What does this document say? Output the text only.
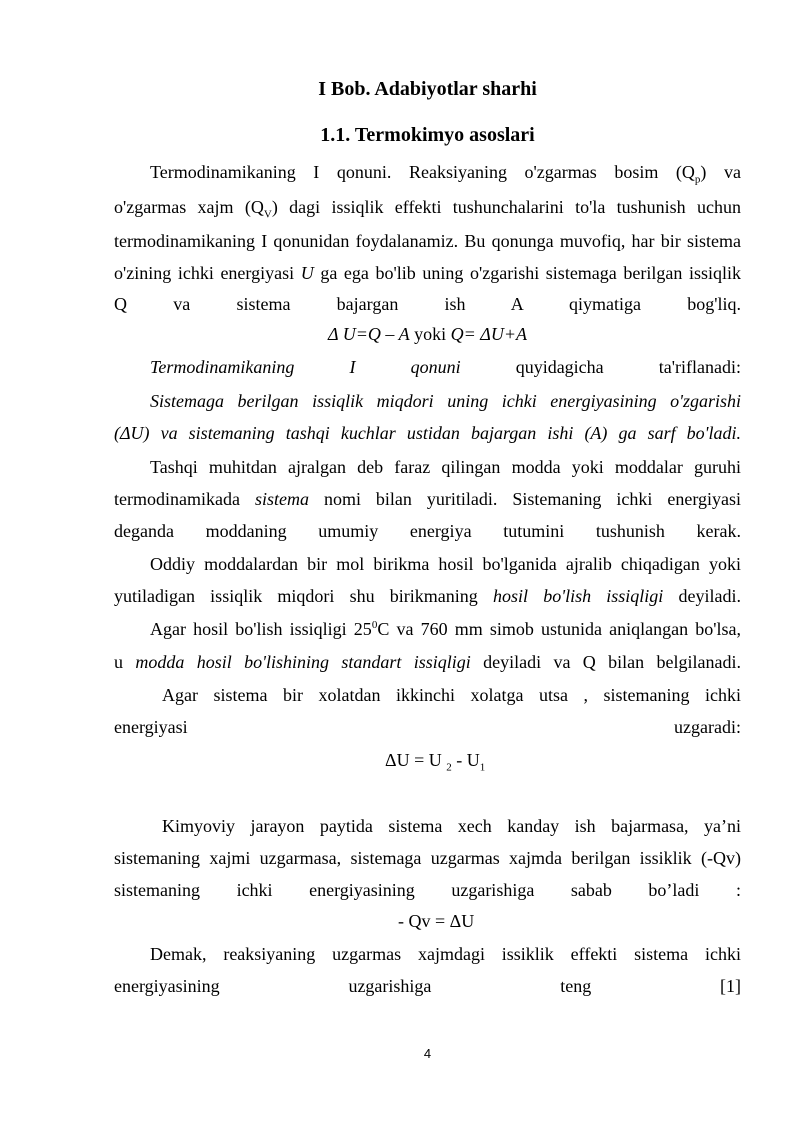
I Bob. Adabiyotlar sharhi
1.1. Termokimyo asoslari
Termodinamikaning I qonuni. Reaksiyaning o'zgarmas bosim $(Q_p)$ va
o'zgarmas xajm $(Q_V)$ dagi issiqlik effekti tushunchalarini to'la tushunish uchun
termodinamikaning I qonunidan foydalanamiz. Bu qonunga muvofiq, har bir sistema
o'zining ichki energiyasi U ga ega bo'lib uning o'zgarishi sistemaga berilgan issiqlik
Q va sistema bajargan ish A qiymatiga bog'liq.
Δ U=Q – A yoki Q= ΔU+A
Termodinamikaning I qonuni quyidagicha ta'riflanadi:
Sistemaga berilgan issiqlik miqdori uning ichki energiyasining o'zgarishi
(ΔU) va sistemaning tashqi kuchlar ustidan bajargan ishi (A) ga sarf bo'ladi.
Tashqi muhitdan ajralgan deb faraz qilingan modda yoki moddalar guruhi
termodinamikada sistema nomi bilan yuritiladi. Sistemaning ichki energiyasi
deganda moddaning umumiy energiya tutumini tushunish kerak.
Oddiy moddalardan bir mol birikma hosil bo'lganida ajralib chiqadigan yoki
yutiladigan issiqlik miqdori shu birikmaning hosil bo'lish issiqligi deyiladi.
Agar hosil bo'lish issiqligi $25^0C$ va 760 mm simob ustunida aniqlangan bo'lsa,
u modda hosil bo'lishining standart issiqligi deyiladi va Q bilan belgilanadi.
Agar sistema bir xolatdan ikkinchi xolatga utsa , sistemaning ichki
energiyasi uzgaradi:
ΔU = U $_2 - U_1$
Kimyoviy jarayon paytida sistema xech kanday ish bajarmasa, ya’ni
sistemaning xajmi uzgarmasa, sistemaga uzgarmas xajmda berilgan issiklik (-Qv)
sistemaning ichki energiyasining uzgarishiga sabab bo’ladi :
- Qv = ΔU
Demak, reaksiyaning uzgarmas xajmdagi issiklik effekti sistema ichki
energiyasining uzgarishiga teng [1]
4
